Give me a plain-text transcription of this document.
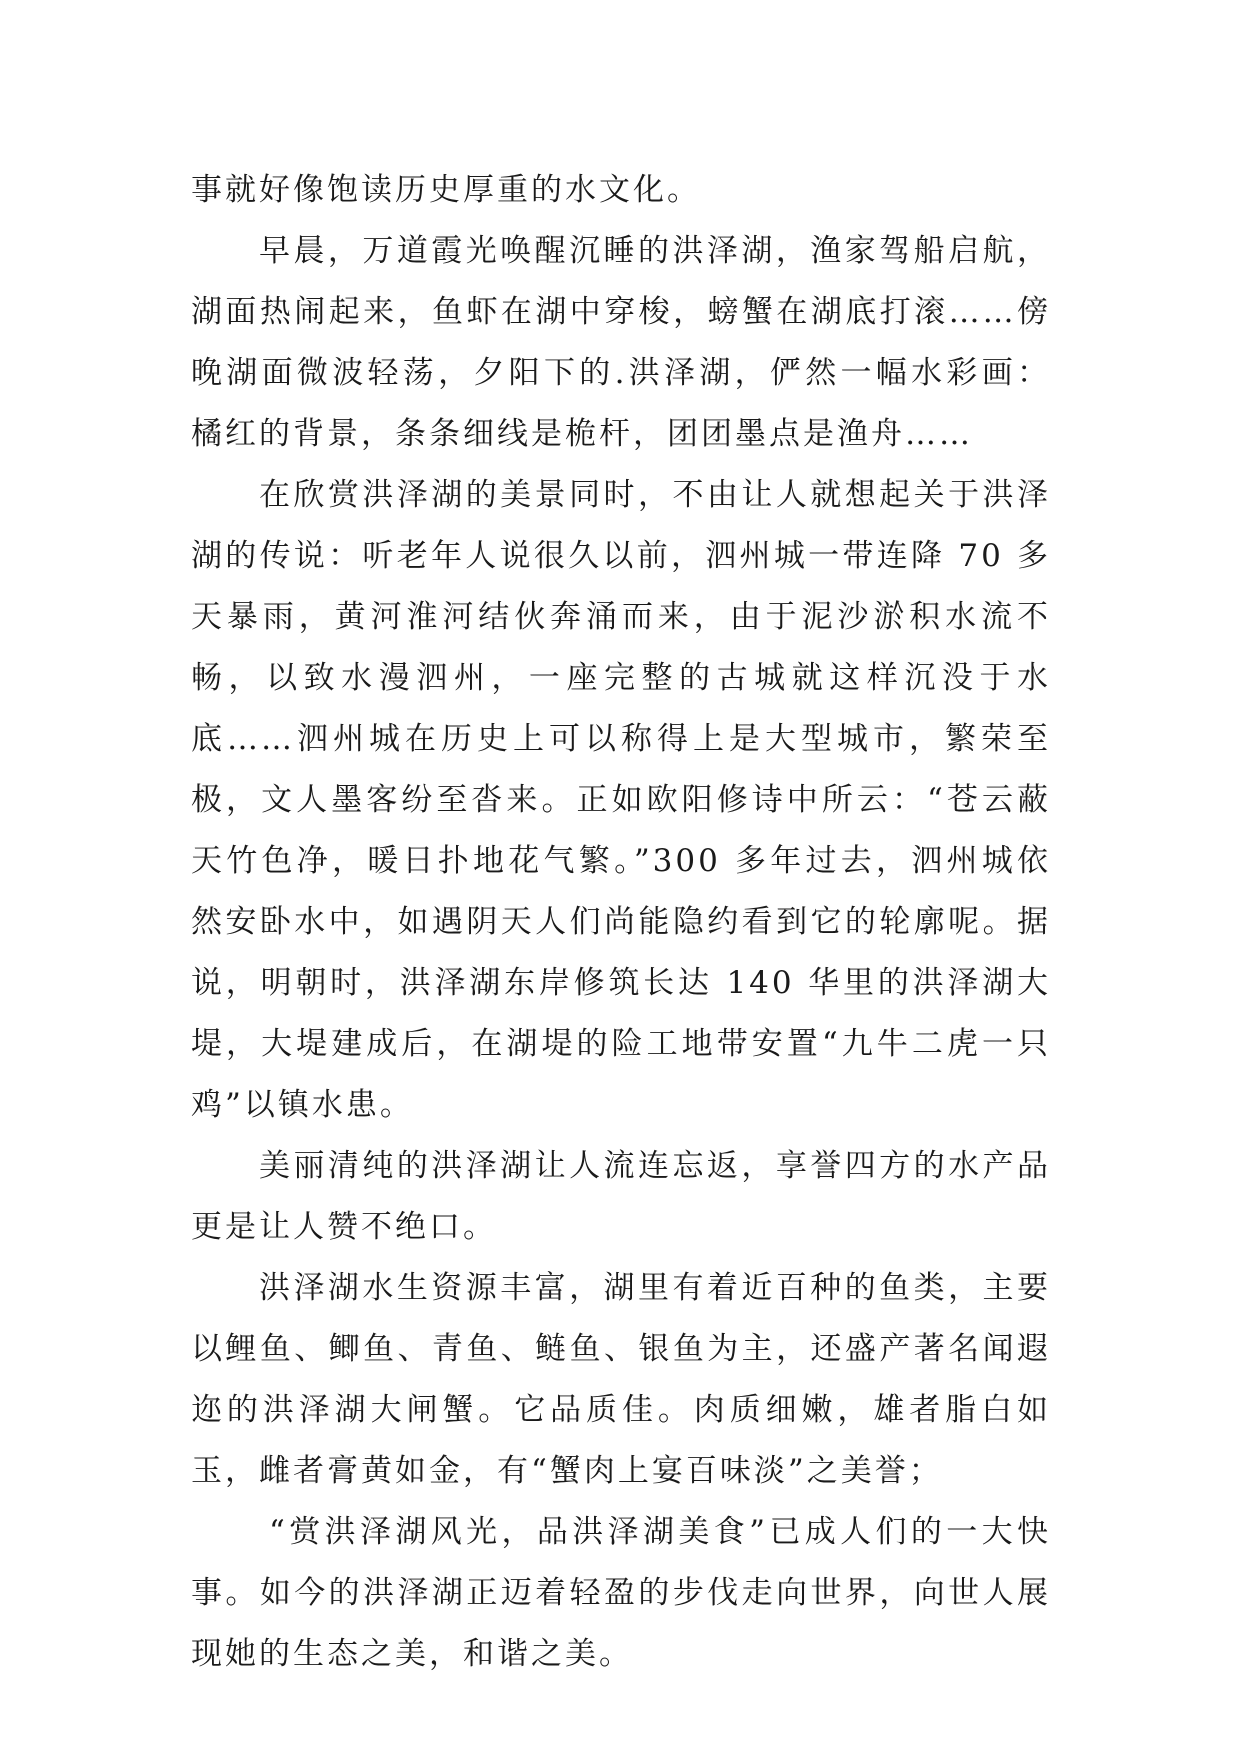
事就好像饱读历史厚重的水文化。

早晨，万道霞光唤醒沉睡的洪泽湖，渔家驾船启航，湖面热闹起来，鱼虾在湖中穿梭，螃蟹在湖底打滚……傍晚湖面微波轻荡，夕阳下的.洪泽湖，俨然一幅水彩画：橘红的背景，条条细线是桅杆，团团墨点是渔舟……

在欣赏洪泽湖的美景同时，不由让人就想起关于洪泽湖的传说：听老年人说很久以前，泗州城一带连降 70 多天暴雨，黄河淮河结伙奔涌而来，由于泥沙淤积水流不畅，以致水漫泗州，一座完整的古城就这样沉没于水底……泗州城在历史上可以称得上是大型城市，繁荣至极，文人墨客纷至沓来。正如欧阳修诗中所云：“苍云蔽天竹色净，暖日扑地花气繁。”300 多年过去，泗州城依然安卧水中，如遇阴天人们尚能隐约看到它的轮廓呢。据说，明朝时，洪泽湖东岸修筑长达 140 华里的洪泽湖大堤，大堤建成后，在湖堤的险工地带安置“九牛二虎一只鸡”以镇水患。

美丽清纯的洪泽湖让人流连忘返，享誉四方的水产品更是让人赞不绝口。

洪泽湖水生资源丰富，湖里有着近百种的鱼类，主要以鲤鱼、鲫鱼、青鱼、鲢鱼、银鱼为主，还盛产著名闻遐迩的洪泽湖大闸蟹。它品质佳。肉质细嫩，雄者脂白如玉，雌者膏黄如金，有“蟹肉上宴百味淡”之美誉；

“赏洪泽湖风光，品洪泽湖美食”已成人们的一大快事。如今的洪泽湖正迈着轻盈的步伐走向世界，向世人展现她的生态之美，和谐之美。
